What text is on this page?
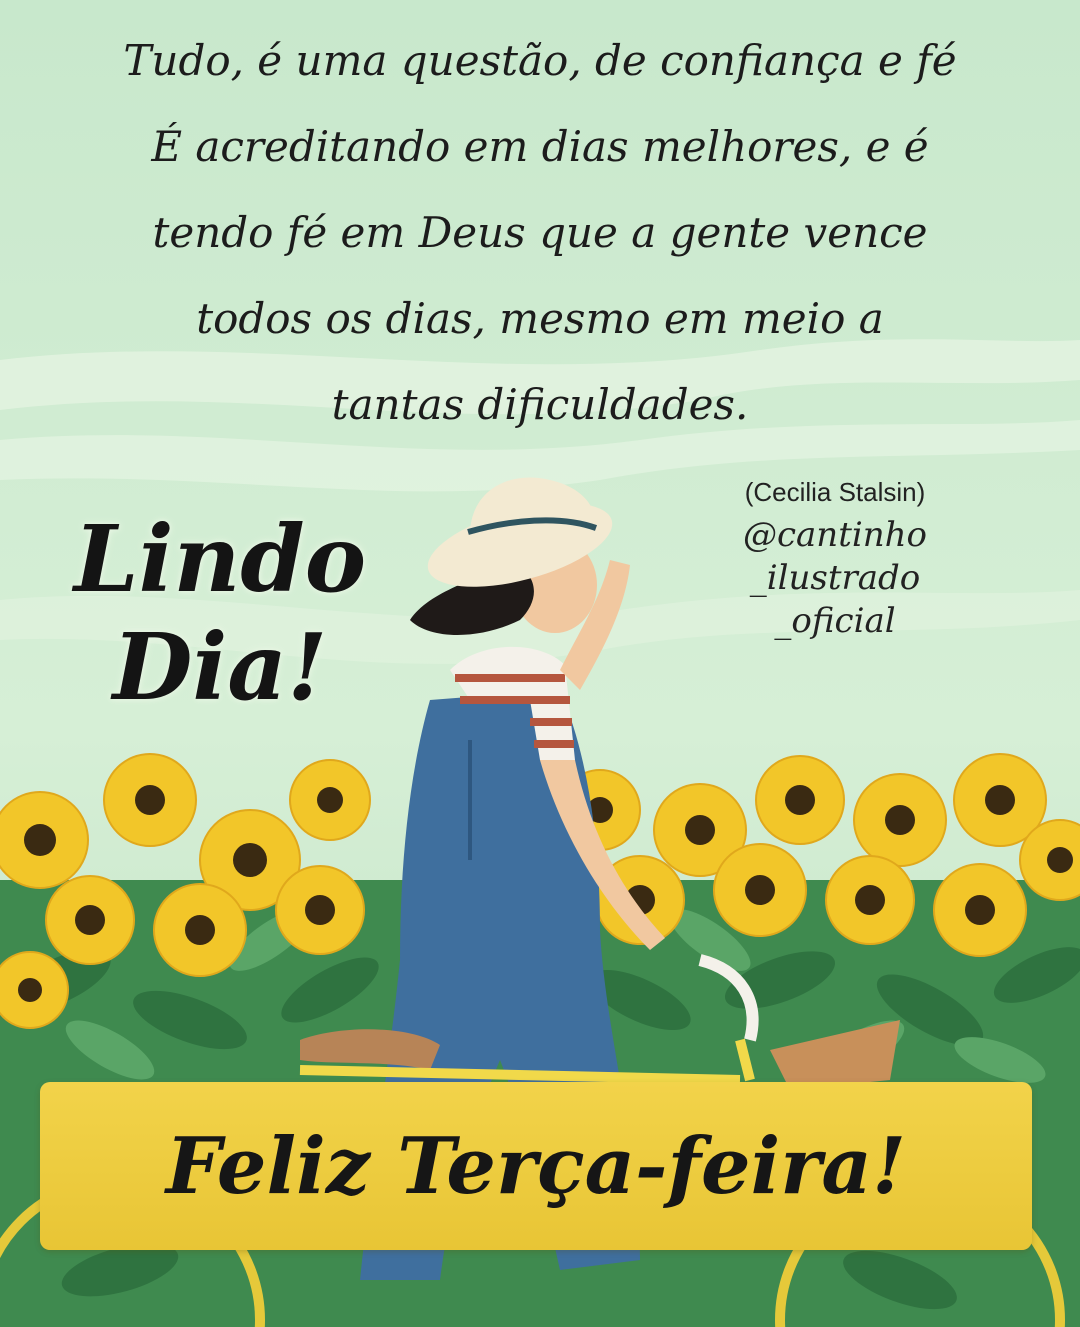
Tudo, é uma questão, de confiança e fé
É acreditando em dias melhores, e é
tendo fé em Deus que a gente vence
todos os dias, mesmo em meio a
tantas dificuldades.
(Cecilia Stalsin)
@cantinho
_ilustrado
_oficial
Lindo
Dia!
Feliz Terça-feira!
